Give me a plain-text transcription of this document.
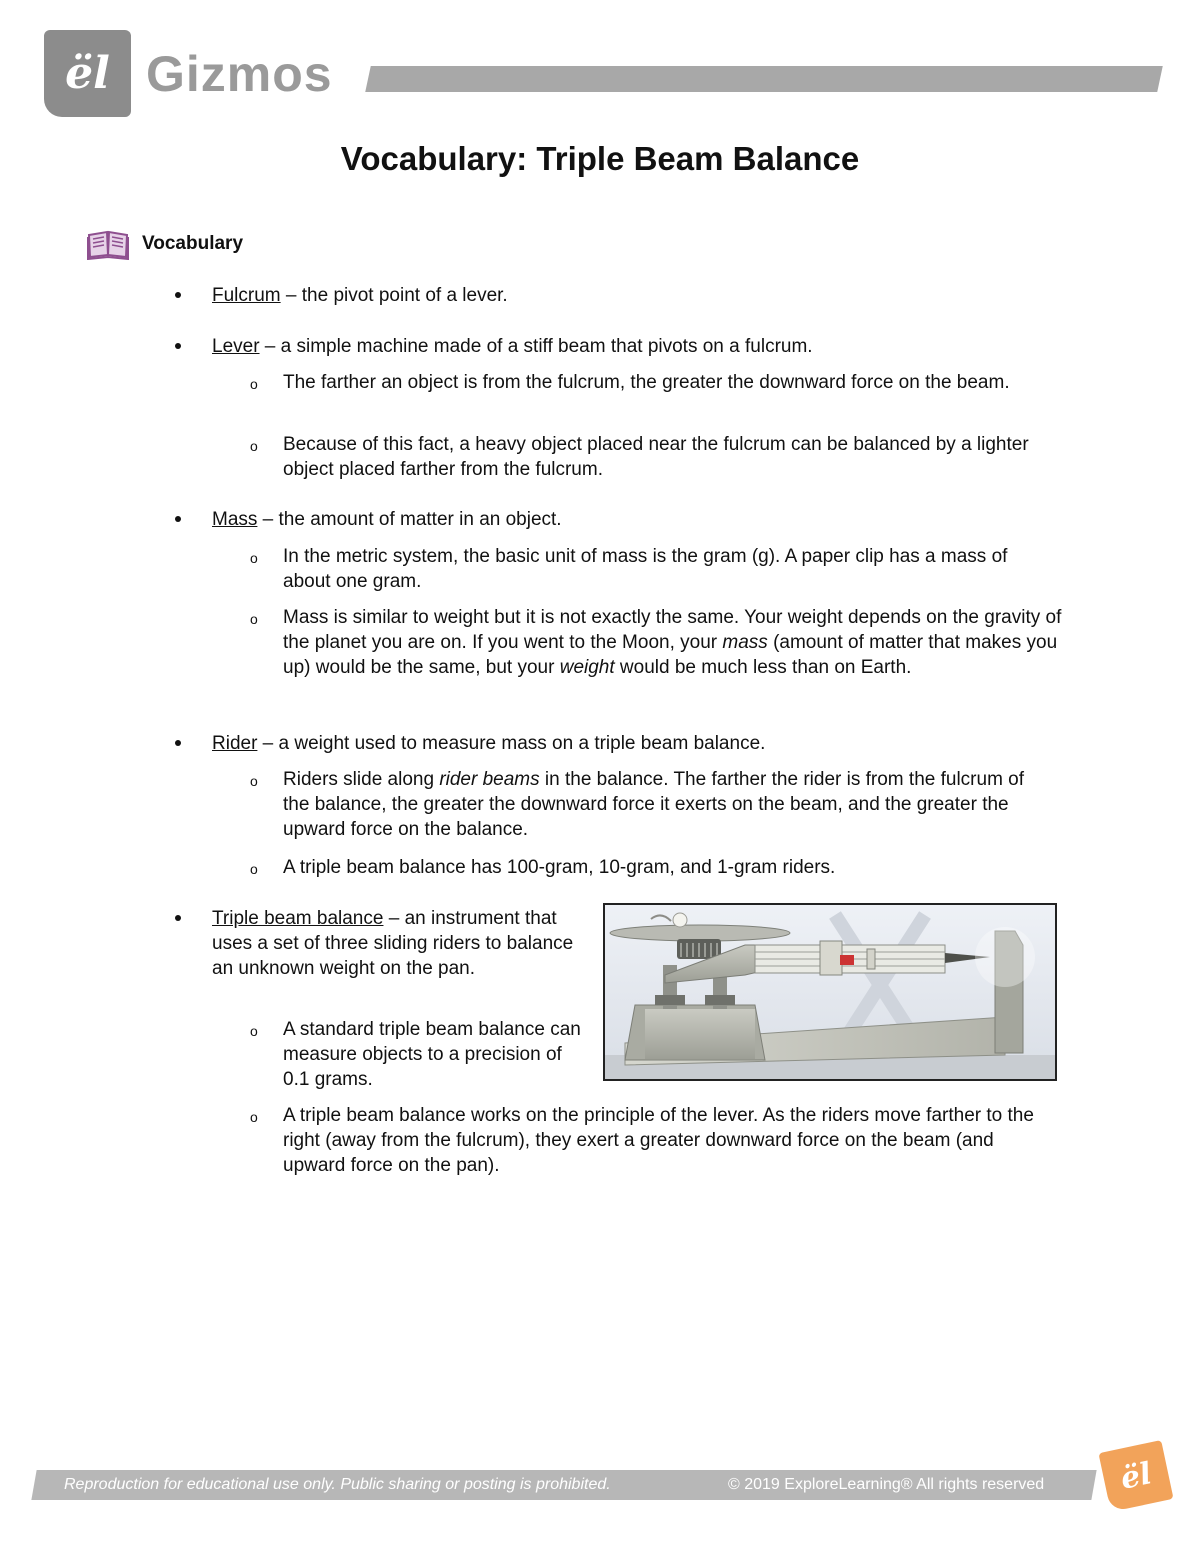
ël Gizmos
Vocabulary: Triple Beam Balance
Vocabulary
Fulcrum – the pivot point of a lever.
Lever – a simple machine made of a stiff beam that pivots on a fulcrum.
o The farther an object is from the fulcrum, the greater the downward force on the beam.
o Because of this fact, a heavy object placed near the fulcrum can be balanced by a lighter object placed farther from the fulcrum.
Mass – the amount of matter in an object.
o In the metric system, the basic unit of mass is the gram (g). A paper clip has a mass of about one gram.
o Mass is similar to weight but it is not exactly the same. Your weight depends on the gravity of the planet you are on. If you went to the Moon, your mass (amount of matter that makes you up) would be the same, but your weight would be much less than on Earth.
Rider – a weight used to measure mass on a triple beam balance.
o Riders slide along rider beams in the balance. The farther the rider is from the fulcrum of the balance, the greater the downward force it exerts on the beam, and the greater the upward force on the balance.
o A triple beam balance has 100-gram, 10-gram, and 1-gram riders.
Triple beam balance – an instrument that uses a set of three sliding riders to balance an unknown weight on the pan.
o A standard triple beam balance can measure objects to a precision of 0.1 grams.
o A triple beam balance works on the principle of the lever. As the riders move farther to the right (away from the fulcrum), they exert a greater downward force on the beam (and upward force on the pan).
Reproduction for educational use only. Public sharing or posting is prohibited.	© 2019 ExploreLearning® All rights reserved ël
